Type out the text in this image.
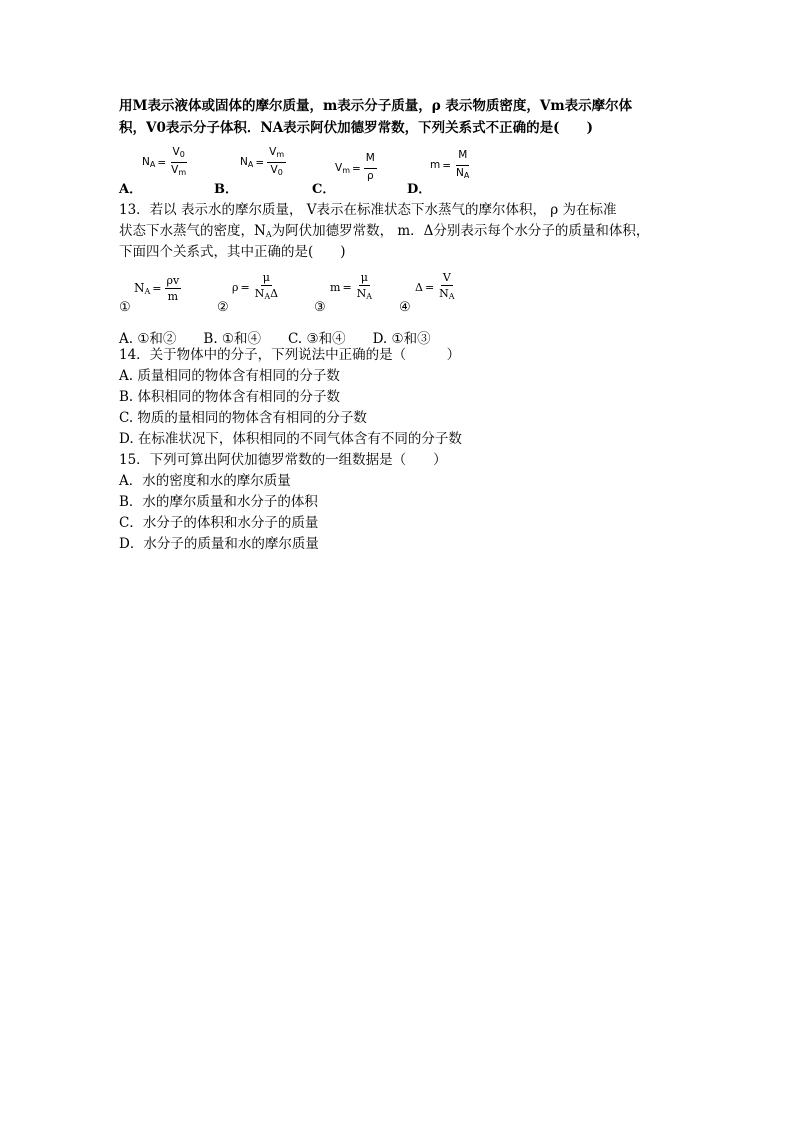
用M表示液体或固体的摩尔质量，m表示分子质量，ρ 表示物质密度，Vm表示摩尔体
积，V0表示分子体积．NA表示阿伏加德罗常数，下列关系式不正确的是(　　)
A．
$N_A = \frac{V_0}{V_m}$
B．
$N_A = \frac{V_m}{V_0}$
C．
$V_m = \frac{M}{\rho}$
D．
$m = \frac{M}{N_A}$
13．若以 表示水的摩尔质量， V表示在标准状态下水蒸气的摩尔体积， ρ 为在标准
状态下水蒸气的密度，$N_A$为阿伏加德罗常数， m．Δ分别表示每个水分子的质量和体积，
下面四个关系式，其中正确的是(　　)
①
$N_A = \frac{\rho v}{m}$
②
$\rho = \frac{\mu}{N_A\Delta}$
③
$m = \frac{\mu}{N_A}$
④
$\Delta = \frac{V}{N_A}$
A. ①和②　　B. ①和④　　C. ③和④　　D. ①和③
14．关于物体中的分子，下列说法中正确的是（　　　）
A. 质量相同的物体含有相同的分子数
B. 体积相同的物体含有相同的分子数
C. 物质的量相同的物体含有相同的分子数
D. 在标准状况下，体积相同的不同气体含有不同的分子数
15．下列可算出阿伏加德罗常数的一组数据是（　　）
A．水的密度和水的摩尔质量
B．水的摩尔质量和水分子的体积
C．水分子的体积和水分子的质量
D．水分子的质量和水的摩尔质量
